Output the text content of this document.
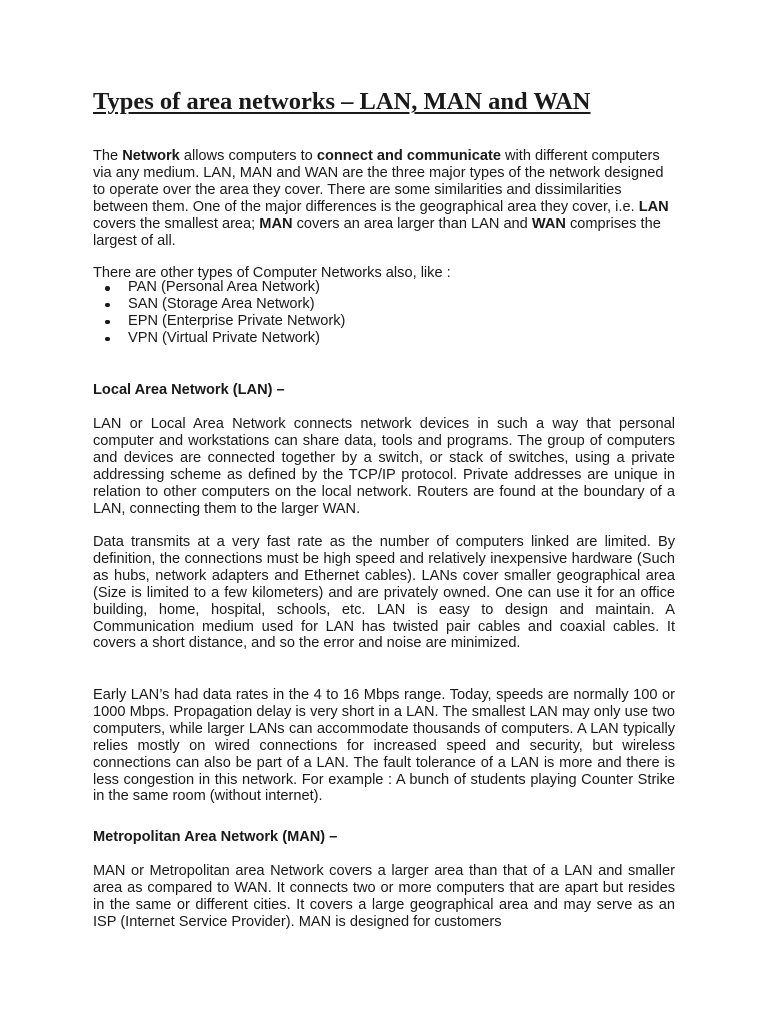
Types of area networks – LAN, MAN and WAN

The Network allows computers to connect and communicate with different computers via any medium. LAN, MAN and WAN are the three major types of the network designed to operate over the area they cover. There are some similarities and dissimilarities between them. One of the major differences is the geographical area they cover, i.e. LAN covers the smallest area; MAN covers an area larger than LAN and WAN comprises the largest of all.

There are other types of Computer Networks also, like :

PAN (Personal Area Network)
SAN (Storage Area Network)
EPN (Enterprise Private Network)
VPN (Virtual Private Network)
Local Area Network (LAN) –

LAN or Local Area Network connects network devices in such a way that personal computer and workstations can share data, tools and programs. The group of computers and devices are connected together by a switch, or stack of switches, using a private addressing scheme as defined by the TCP/IP protocol. Private addresses are unique in relation to other computers on the local network. Routers are found at the boundary of a LAN, connecting them to the larger WAN.

Data transmits at a very fast rate as the number of computers linked are limited. By definition, the connections must be high speed and relatively inexpensive hardware (Such as hubs, network adapters and Ethernet cables). LANs cover smaller geographical area (Size is limited to a few kilometers) and are privately owned. One can use it for an office building, home, hospital, schools, etc. LAN is easy to design and maintain. A Communication medium used for LAN has twisted pair cables and coaxial cables. It covers a short distance, and so the error and noise are minimized.

Early LAN’s had data rates in the 4 to 16 Mbps range. Today, speeds are normally 100 or 1000 Mbps. Propagation delay is very short in a LAN. The smallest LAN may only use two computers, while larger LANs can accommodate thousands of computers. A LAN typically relies mostly on wired connections for increased speed and security, but wireless connections can also be part of a LAN. The fault tolerance of a LAN is more and there is less congestion in this network. For example : A bunch of students playing Counter Strike in the same room (without internet).

Metropolitan Area Network (MAN) –

MAN or Metropolitan area Network covers a larger area than that of a LAN and smaller area as compared to WAN. It connects two or more computers that are apart but resides in the same or different cities. It covers a large geographical area and may serve as an ISP (Internet Service Provider). MAN is designed for customers
